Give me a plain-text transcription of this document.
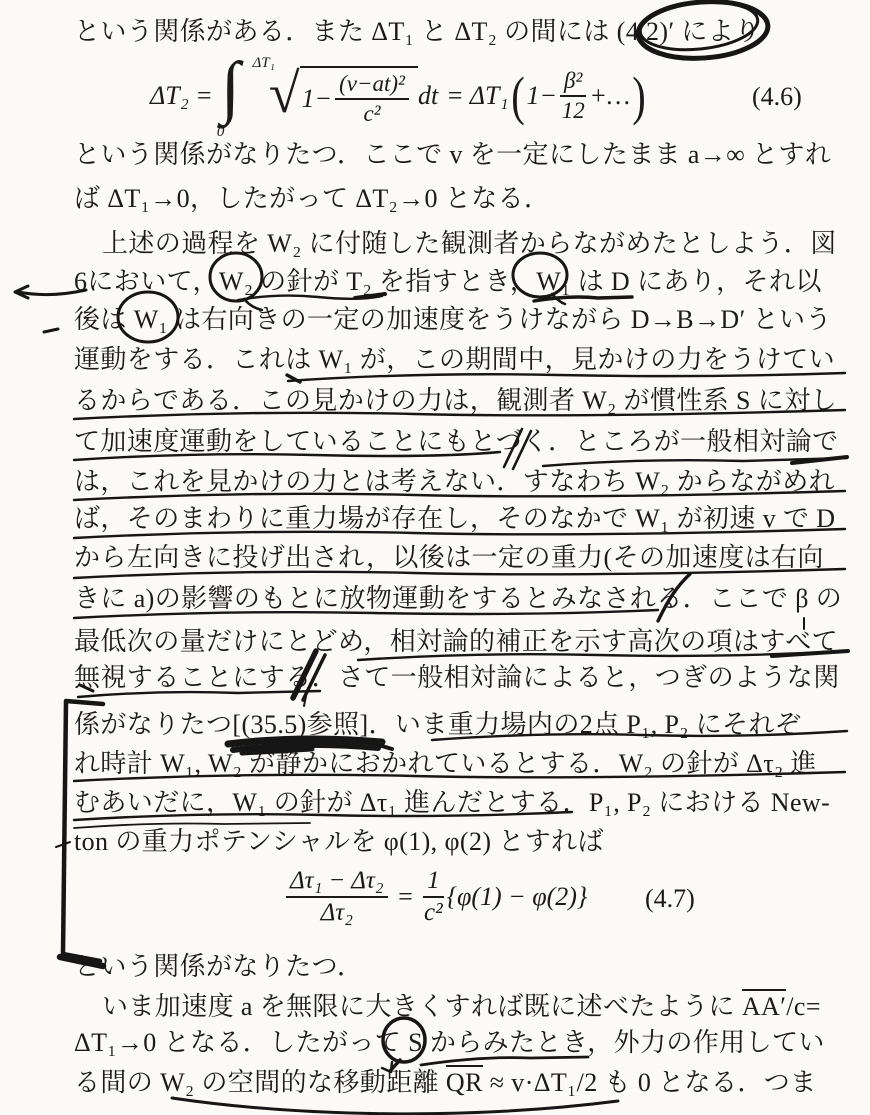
という関係がある．また ΔT₁ と ΔT₂ の間には (4.2)′ により
という関係がなりたつ．ここで v を一定にしたまま a→∞ とすれ
ば ΔT₁→0，したがって ΔT₂→0 となる．
上述の過程を W₂ に付随した観測者からながめたとしよう．図
6において，W₂ の針が T₂ を指すとき，W₁ は D にあり，それ以
後は W₁ は右向きの一定の加速度をうけながら D→B→D′ という
運動をする．これは W₁ が，この期間中，見かけの力をうけてい
るからである．この見かけの力は，観測者 W₂ が慣性系 S に対し
て加速度運動をしていることにもとづく．ところが一般相対論で
は，これを見かけの力とは考えない．すなわち W₂ からながめれ
ば，そのまわりに重力場が存在し，そのなかで W₁ が初速 v で D
から左向きに投げ出され，以後は一定の重力(その加速度は右向
きに a)の影響のもとに放物運動をするとみなされる．ここで β の
最低次の量だけにとどめ，相対論的補正を示す高次の項はすべて
無視することにする．さて一般相対論によると，つぎのような関
係がなりたつ[(35.5)参照]．いま重力場内の2点 P₁, P₂ にそれぞ
れ時計 W₁, W₂ が静かにおかれているとする．W₂ の針が Δτ₂ 進
むあいだに，W₁ の針が Δτ₁ 進んだとする．P₁, P₂ における New-
ton の重力ポテンシャルを φ(1), φ(2) とすれば
という関係がなりたつ．
いま加速度 a を無限に大きくすれば既に述べたように AA′/c=
ΔT₁→0 となる．したがって S からみたとき，外力の作用してい
る間の W₂ の空間的な移動距離 QR ≈ v·ΔT₁/2 も 0 となる．つま
ΔT₂ = ∫ ΔT₁
0
√ $1- \frac{\text{(v−at)²}}{\text{c²}}$ dt = ΔT₁ ( $1- \frac{\text{β²}}{12}$ +… )	(4.6)
$\frac{\text{Δτ₁ − Δτ₂}}{\text{Δτ₂}} = \frac{1}{\text{c²}} \{\varphi(1) - \varphi(2)\}$ (4.7)
